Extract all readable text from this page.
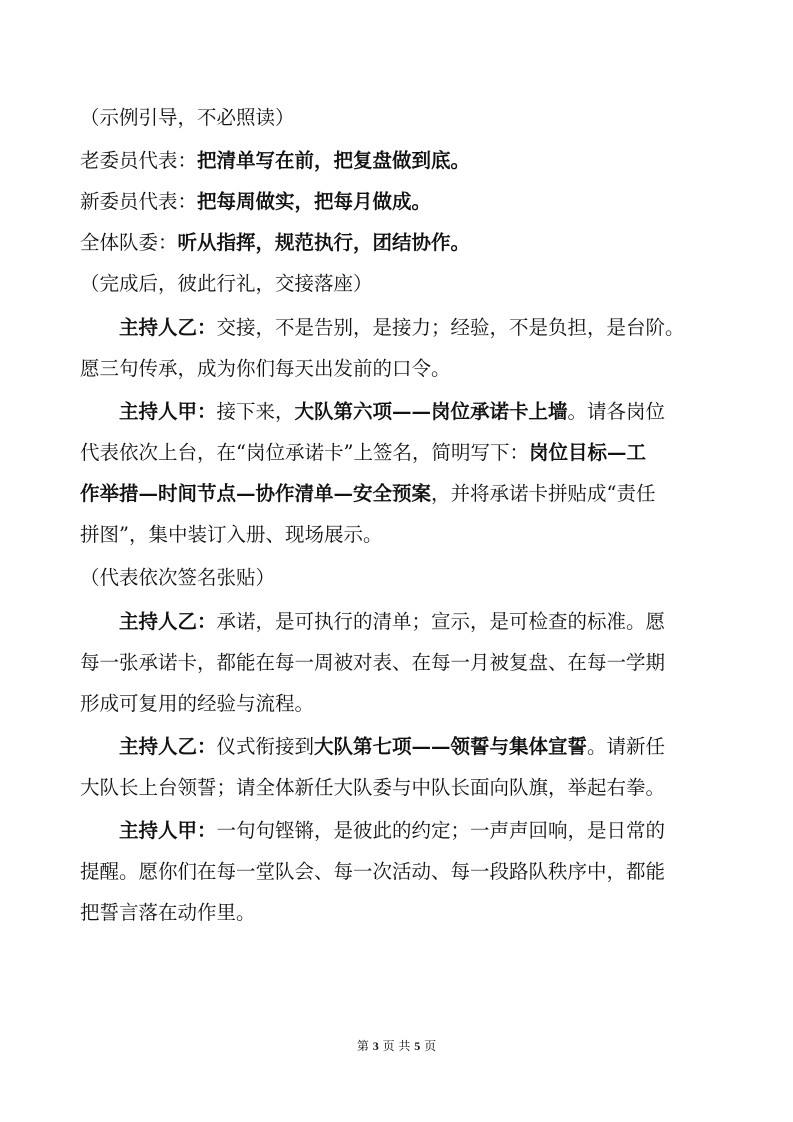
（示例引导，不必照读）
老委员代表：把清单写在前，把复盘做到底。
新委员代表：把每周做实，把每月做成。
全体队委：听从指挥，规范执行，团结协作。
（完成后，彼此行礼，交接落座）
主持人乙：交接，不是告别，是接力；经验，不是负担，是台阶。
愿三句传承，成为你们每天出发前的口令。
主持人甲：接下来，大队第六项——岗位承诺卡上墙。请各岗位
代表依次上台，在“岗位承诺卡”上签名，简明写下：岗位目标—工
作举措—时间节点—协作清单—安全预案，并将承诺卡拼贴成“责任
拼图”，集中装订入册、现场展示。
（代表依次签名张贴）
主持人乙：承诺，是可执行的清单；宣示，是可检查的标准。愿
每一张承诺卡，都能在每一周被对表、在每一月被复盘、在每一学期
形成可复用的经验与流程。
主持人乙：仪式衔接到大队第七项——领誓与集体宣誓。请新任
大队长上台领誓；请全体新任大队委与中队长面向队旗，举起右拳。
主持人甲：一句句铿锵，是彼此的约定；一声声回响，是日常的
提醒。愿你们在每一堂队会、每一次活动、每一段路队秩序中，都能
把誓言落在动作里。
第 3 页 共 5 页
